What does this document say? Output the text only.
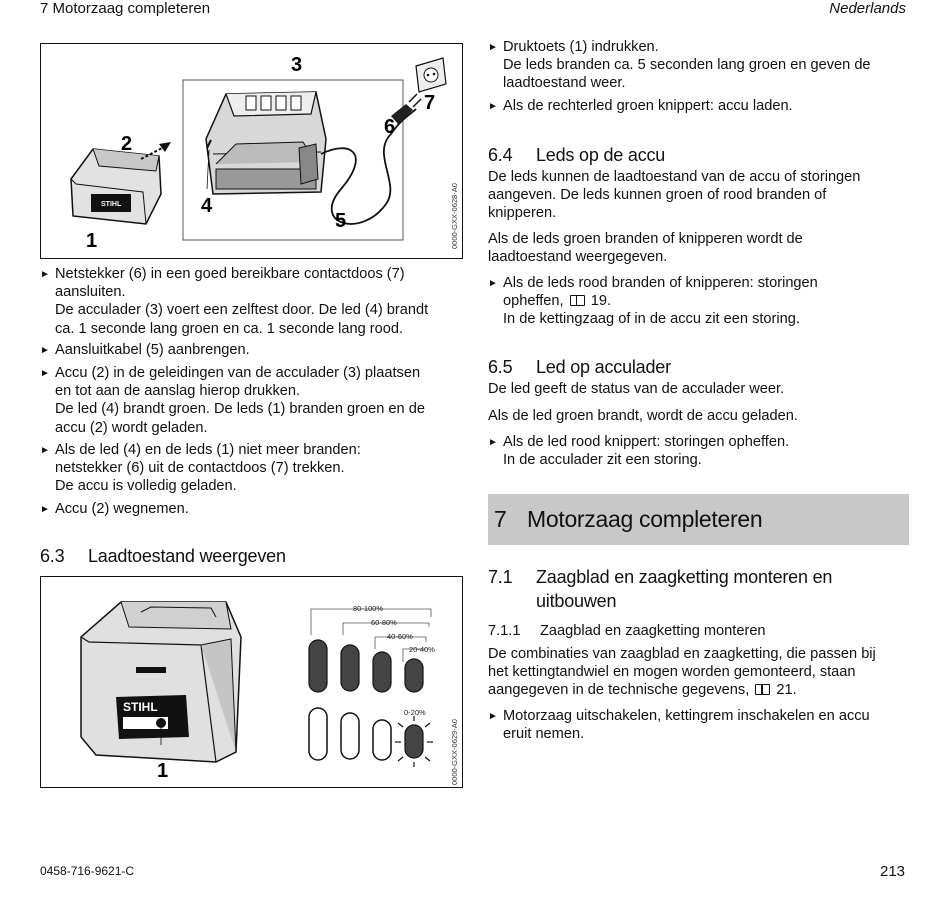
7 Motorzaag completeren	Nederlands
STIHL
1
2
3
4
5
6
7
0000-GXX-0628-A0
► Netstekker (6) in een goed bereikbare contactdoos (7)
aansluiten.
De acculader (3) voert een zelftest door. De led (4) brandt
ca. 1 seconde lang groen en ca. 1 seconde lang rood.
► Aansluitkabel (5) aanbrengen.
► Accu (2) in de geleidingen van de acculader (3) plaatsen
en tot aan de aanslag hierop drukken.
De led (4) brandt groen. De leds (1) branden groen en de
accu (2) wordt geladen.
► Als de led (4) en de leds (1) niet meer branden:
netstekker (6) uit de contactdoos (7) trekken.
De accu is volledig geladen.
► Accu (2) wegnemen.
6.3 Laadtoestand weergeven
STIHL
1
80-100%
60-80%
40-60%
20-40%
0-20%
0000-GXX-0629-A0
► Druktoets (1) indrukken.
De leds branden ca. 5 seconden lang groen en geven de
laadtoestand weer.
► Als de rechterled groen knippert: accu laden.
6.4 Leds op de accu
De leds kunnen de laadtoestand van de accu of storingen
aangeven. De leds kunnen groen of rood branden of
knipperen.
Als de leds groen branden of knipperen wordt de
laadtoestand weergegeven.
► Als de leds rood branden of knipperen: storingen
opheffen, 19.
In de kettingzaag of in de accu zit een storing.
6.5 Led op acculader
De led geeft de status van de acculader weer.
Als de led groen brandt, wordt de accu geladen.
► Als de led rood knippert: storingen opheffen.
In de acculader zit een storing.
7 Motorzaag completeren
7.1 Zaagblad en zaagketting monteren en
uitbouwen
7.1.1 Zaagblad en zaagketting monteren
De combinaties van zaagblad en zaagketting, die passen bij
het kettingtandwiel en mogen worden gemonteerd, staan
aangegeven in de technische gegevens, 21.
► Motorzaag uitschakelen, kettingrem inschakelen en accu
eruit nemen.
0458-716-9621-C	213
